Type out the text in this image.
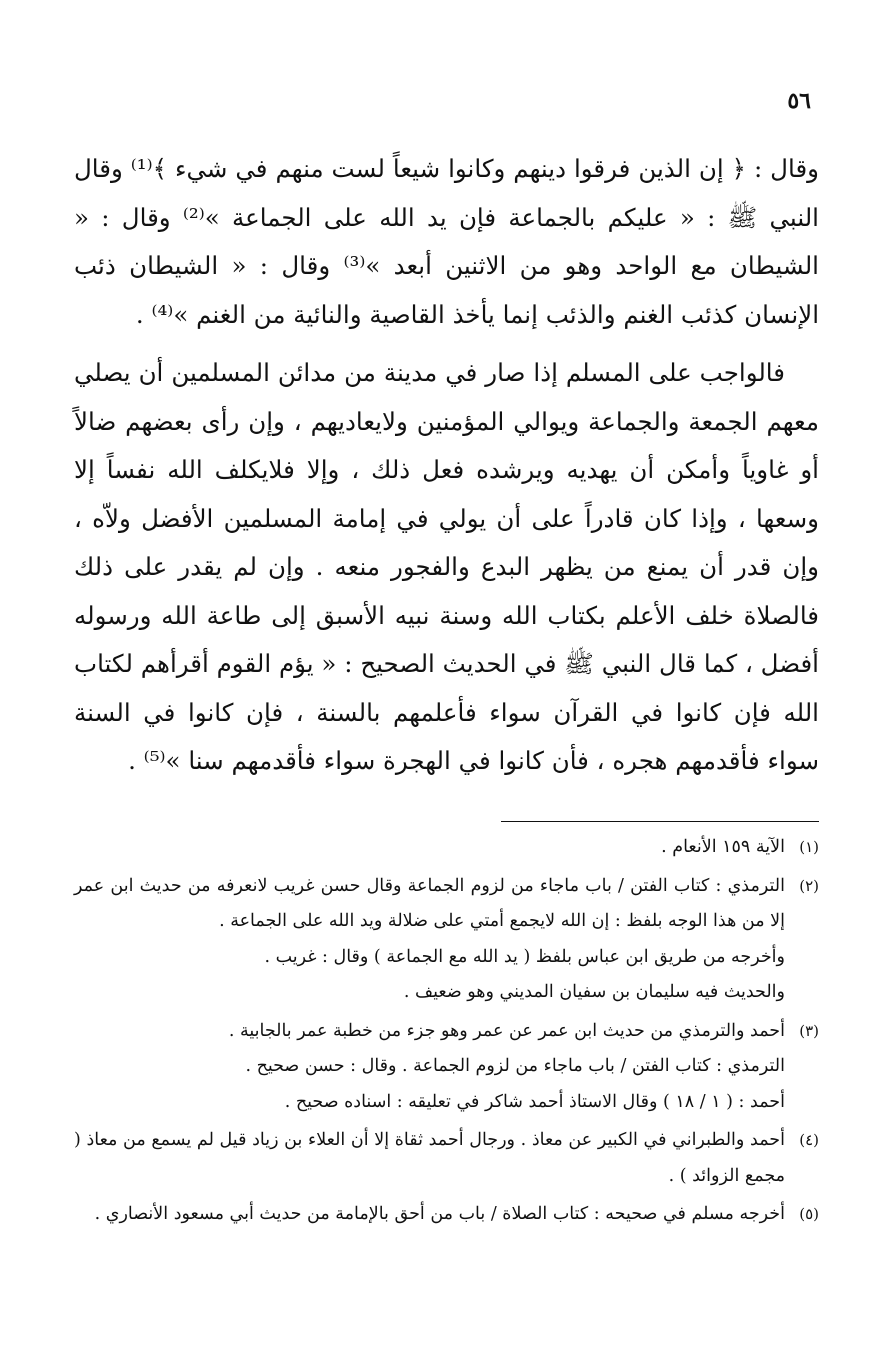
٥٦

وقال : ﴿ إن الذين فرقوا دينهم وكانوا شيعاً لست منهم في شيء ﴾⁽¹⁾ وقال النبي ﷺ : « عليكم بالجماعة فإن يد الله على الجماعة »⁽²⁾ وقال : « الشيطان مع الواحد وهو من الاثنين أبعد »⁽³⁾ وقال : « الشيطان ذئب الإنسان كذئب الغنم والذئب إنما يأخذ القاصية والنائية من الغنم »⁽⁴⁾ .

فالواجب على المسلم إذا صار في مدينة من مدائن المسلمين أن يصلي معهم الجمعة والجماعة ويوالي المؤمنين ولايعاديهم ، وإن رأى بعضهم ضالاً أو غاوياً وأمكن أن يهديه ويرشده فعل ذلك ، وإلا فلايكلف الله نفساً إلا وسعها ، وإذا كان قادراً على أن يولي في إمامة المسلمين الأفضل ولاّه ، وإن قدر أن يمنع من يظهر البدع والفجور منعه . وإن لم يقدر على ذلك فالصلاة خلف الأعلم بكتاب الله وسنة نبيه الأسبق إلى طاعة الله ورسوله أفضل ، كما قال النبي ﷺ في الحديث الصحيح : « يؤم القوم أقرأهم لكتاب الله فإن كانوا في القرآن سواء فأعلمهم بالسنة ، فإن كانوا في السنة سواء فأقدمهم هجره ، فأن كانوا في الهجرة سواء فأقدمهم سنا »⁽⁵⁾ .

(١)
الآية ١٥٩ الأنعام .
(٢)
الترمذي : كتاب الفتن / باب ماجاء من لزوم الجماعة وقال حسن غريب لانعرفه من حديث ابن عمر إلا من هذا الوجه بلفظ : إن الله لايجمع أمتي على ضلالة ويد الله على الجماعة .
وأخرجه من طريق ابن عباس بلفظ ( يد الله مع الجماعة ) وقال : غريب .
والحديث فيه سليمان بن سفيان المديني وهو ضعيف .
(٣)
أحمد والترمذي من حديث ابن عمر عن عمر وهو جزء من خطبة عمر بالجابية .
الترمذي : كتاب الفتن / باب ماجاء من لزوم الجماعة . وقال : حسن صحيح .
أحمد : ( ١ / ١٨ ) وقال الاستاذ أحمد شاكر في تعليقه : اسناده صحيح .
(٤)
أحمد والطبراني في الكبير عن معاذ . ورجال أحمد ثقاة إلا أن العلاء بن زياد قيل لم يسمع من معاذ ( مجمع الزوائد ) .
(٥)
أخرجه مسلم في صحيحه : كتاب الصلاة / باب من أحق بالإمامة من حديث أبي مسعود الأنصاري .
